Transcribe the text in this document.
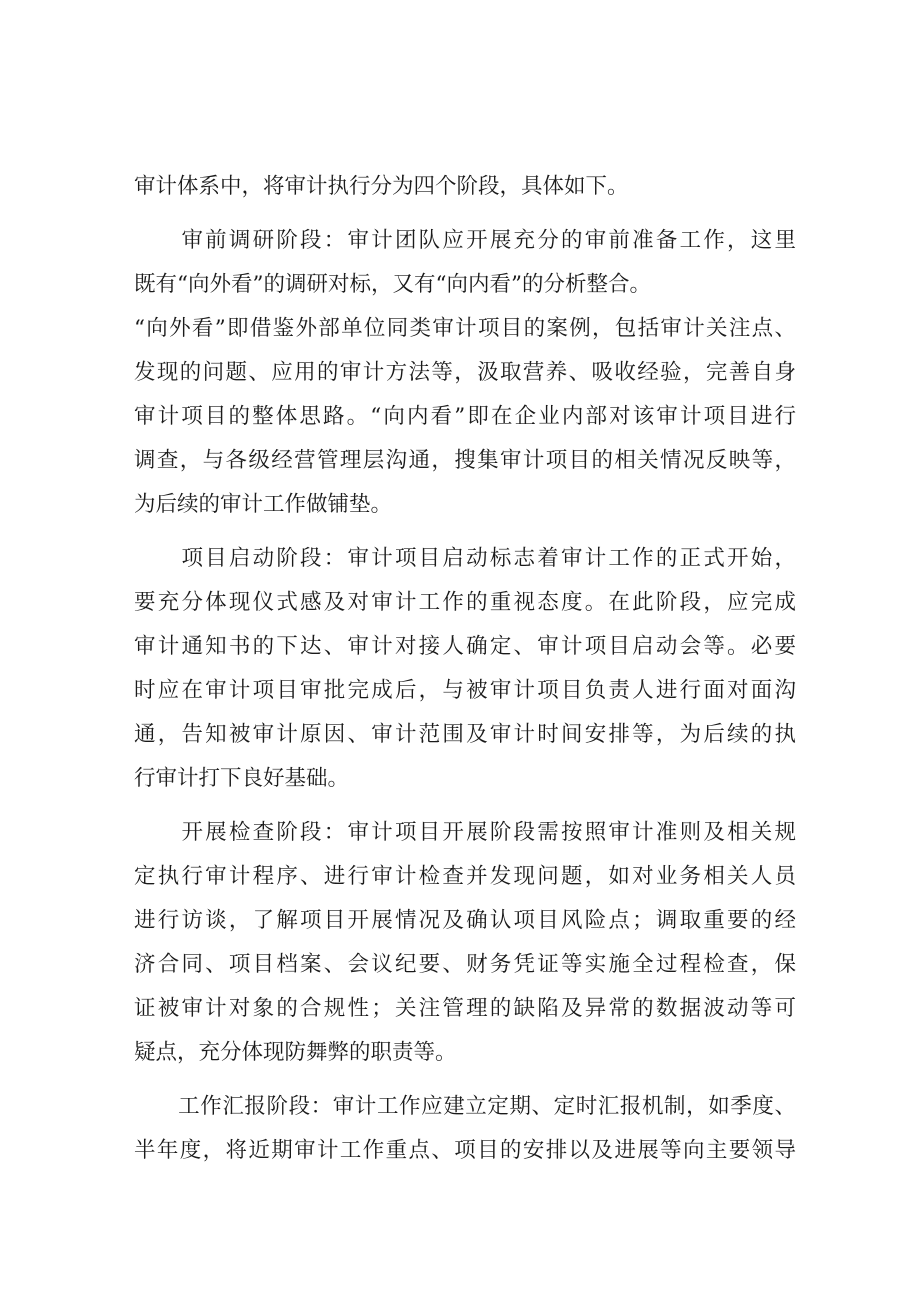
审计体系中，将审计执行分为四个阶段，具体如下。
　　审前调研阶段：审计团队应开展充分的审前准备工作，这里
既有“向外看”的调研对标，又有“向内看”的分析整合。
“向外看”即借鉴外部单位同类审计项目的案例，包括审计关注点、
发现的问题、应用的审计方法等，汲取营养、吸收经验，完善自身
审计项目的整体思路。“向内看”即在企业内部对该审计项目进行
调查，与各级经营管理层沟通，搜集审计项目的相关情况反映等，
为后续的审计工作做铺垫。
　　项目启动阶段：审计项目启动标志着审计工作的正式开始，
要充分体现仪式感及对审计工作的重视态度。在此阶段，应完成
审计通知书的下达、审计对接人确定、审计项目启动会等。必要
时应在审计项目审批完成后，与被审计项目负责人进行面对面沟
通，告知被审计原因、审计范围及审计时间安排等，为后续的执
行审计打下良好基础。
　　开展检查阶段：审计项目开展阶段需按照审计准则及相关规
定执行审计程序、进行审计检查并发现问题，如对业务相关人员
进行访谈，了解项目开展情况及确认项目风险点；调取重要的经
济合同、项目档案、会议纪要、财务凭证等实施全过程检查，保
证被审计对象的合规性；关注管理的缺陷及异常的数据波动等可
疑点，充分体现防舞弊的职责等。
　　工作汇报阶段：审计工作应建立定期、定时汇报机制，如季度、
半年度，将近期审计工作重点、项目的安排以及进展等向主要领导
